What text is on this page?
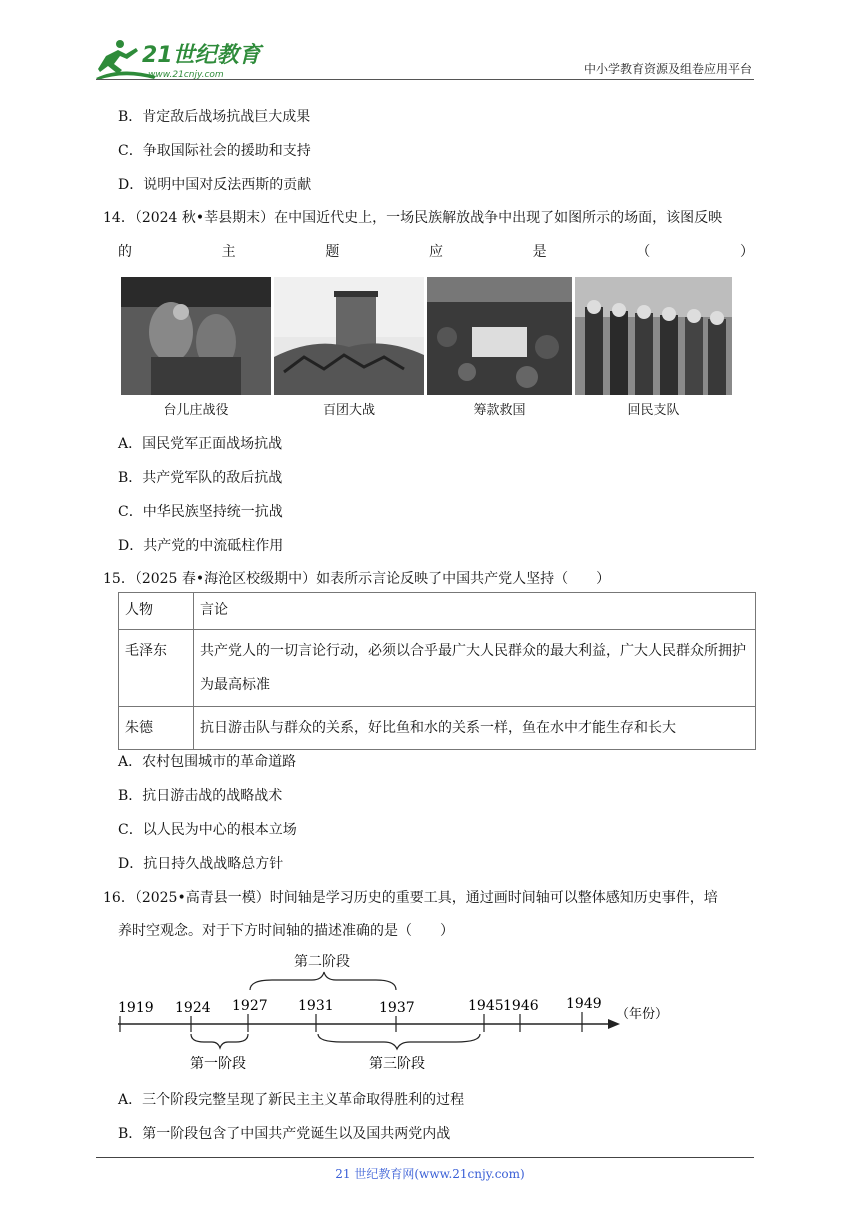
21世纪教育
www.21cnjy.com	中小学教育资源及组卷应用平台
B．肯定敌后战场抗战巨大成果
C．争取国际社会的援助和支持
D．说明中国对反法西斯的贡献
14．（2024 秋•莘县期末）在中国近代史上，一场民族解放战争中出现了如图所示的场面，该图反映
的	主	题	应	是	（	）
台儿庄战役	百团大战	筹款救国	回民支队
A．国民党军正面战场抗战
B．共产党军队的敌后抗战
C．中华民族坚持统一抗战
D．共产党的中流砥柱作用
15．（2025 春•海沧区校级期中）如表所示言论反映了中国共产党人坚持（　　）
人物	言论
毛泽东	共产党人的一切言论行动，必须以合乎最广大人民群众的最大利益，广大人民群众所拥护为最高标准
朱德	抗日游击队与群众的关系，好比鱼和水的关系一样，鱼在水中才能生存和长大
A．农村包围城市的革命道路
B．抗日游击战的战略战术
C．以人民为中心的根本立场
D．抗日持久战战略总方针
16．（2025•高青县一模）时间轴是学习历史的重要工具，通过画时间轴可以整体感知历史事件，培
养时空观念。对于下方时间轴的描述准确的是（　　）
第二阶段
1919 1924 1927 1931	1937	1945 1946 1949
（年份）
第一阶段	第三阶段
A．三个阶段完整呈现了新民主主义革命取得胜利的过程
B．第一阶段包含了中国共产党诞生以及国共两党内战
21 世纪教育网(www.21cnjy.com)
